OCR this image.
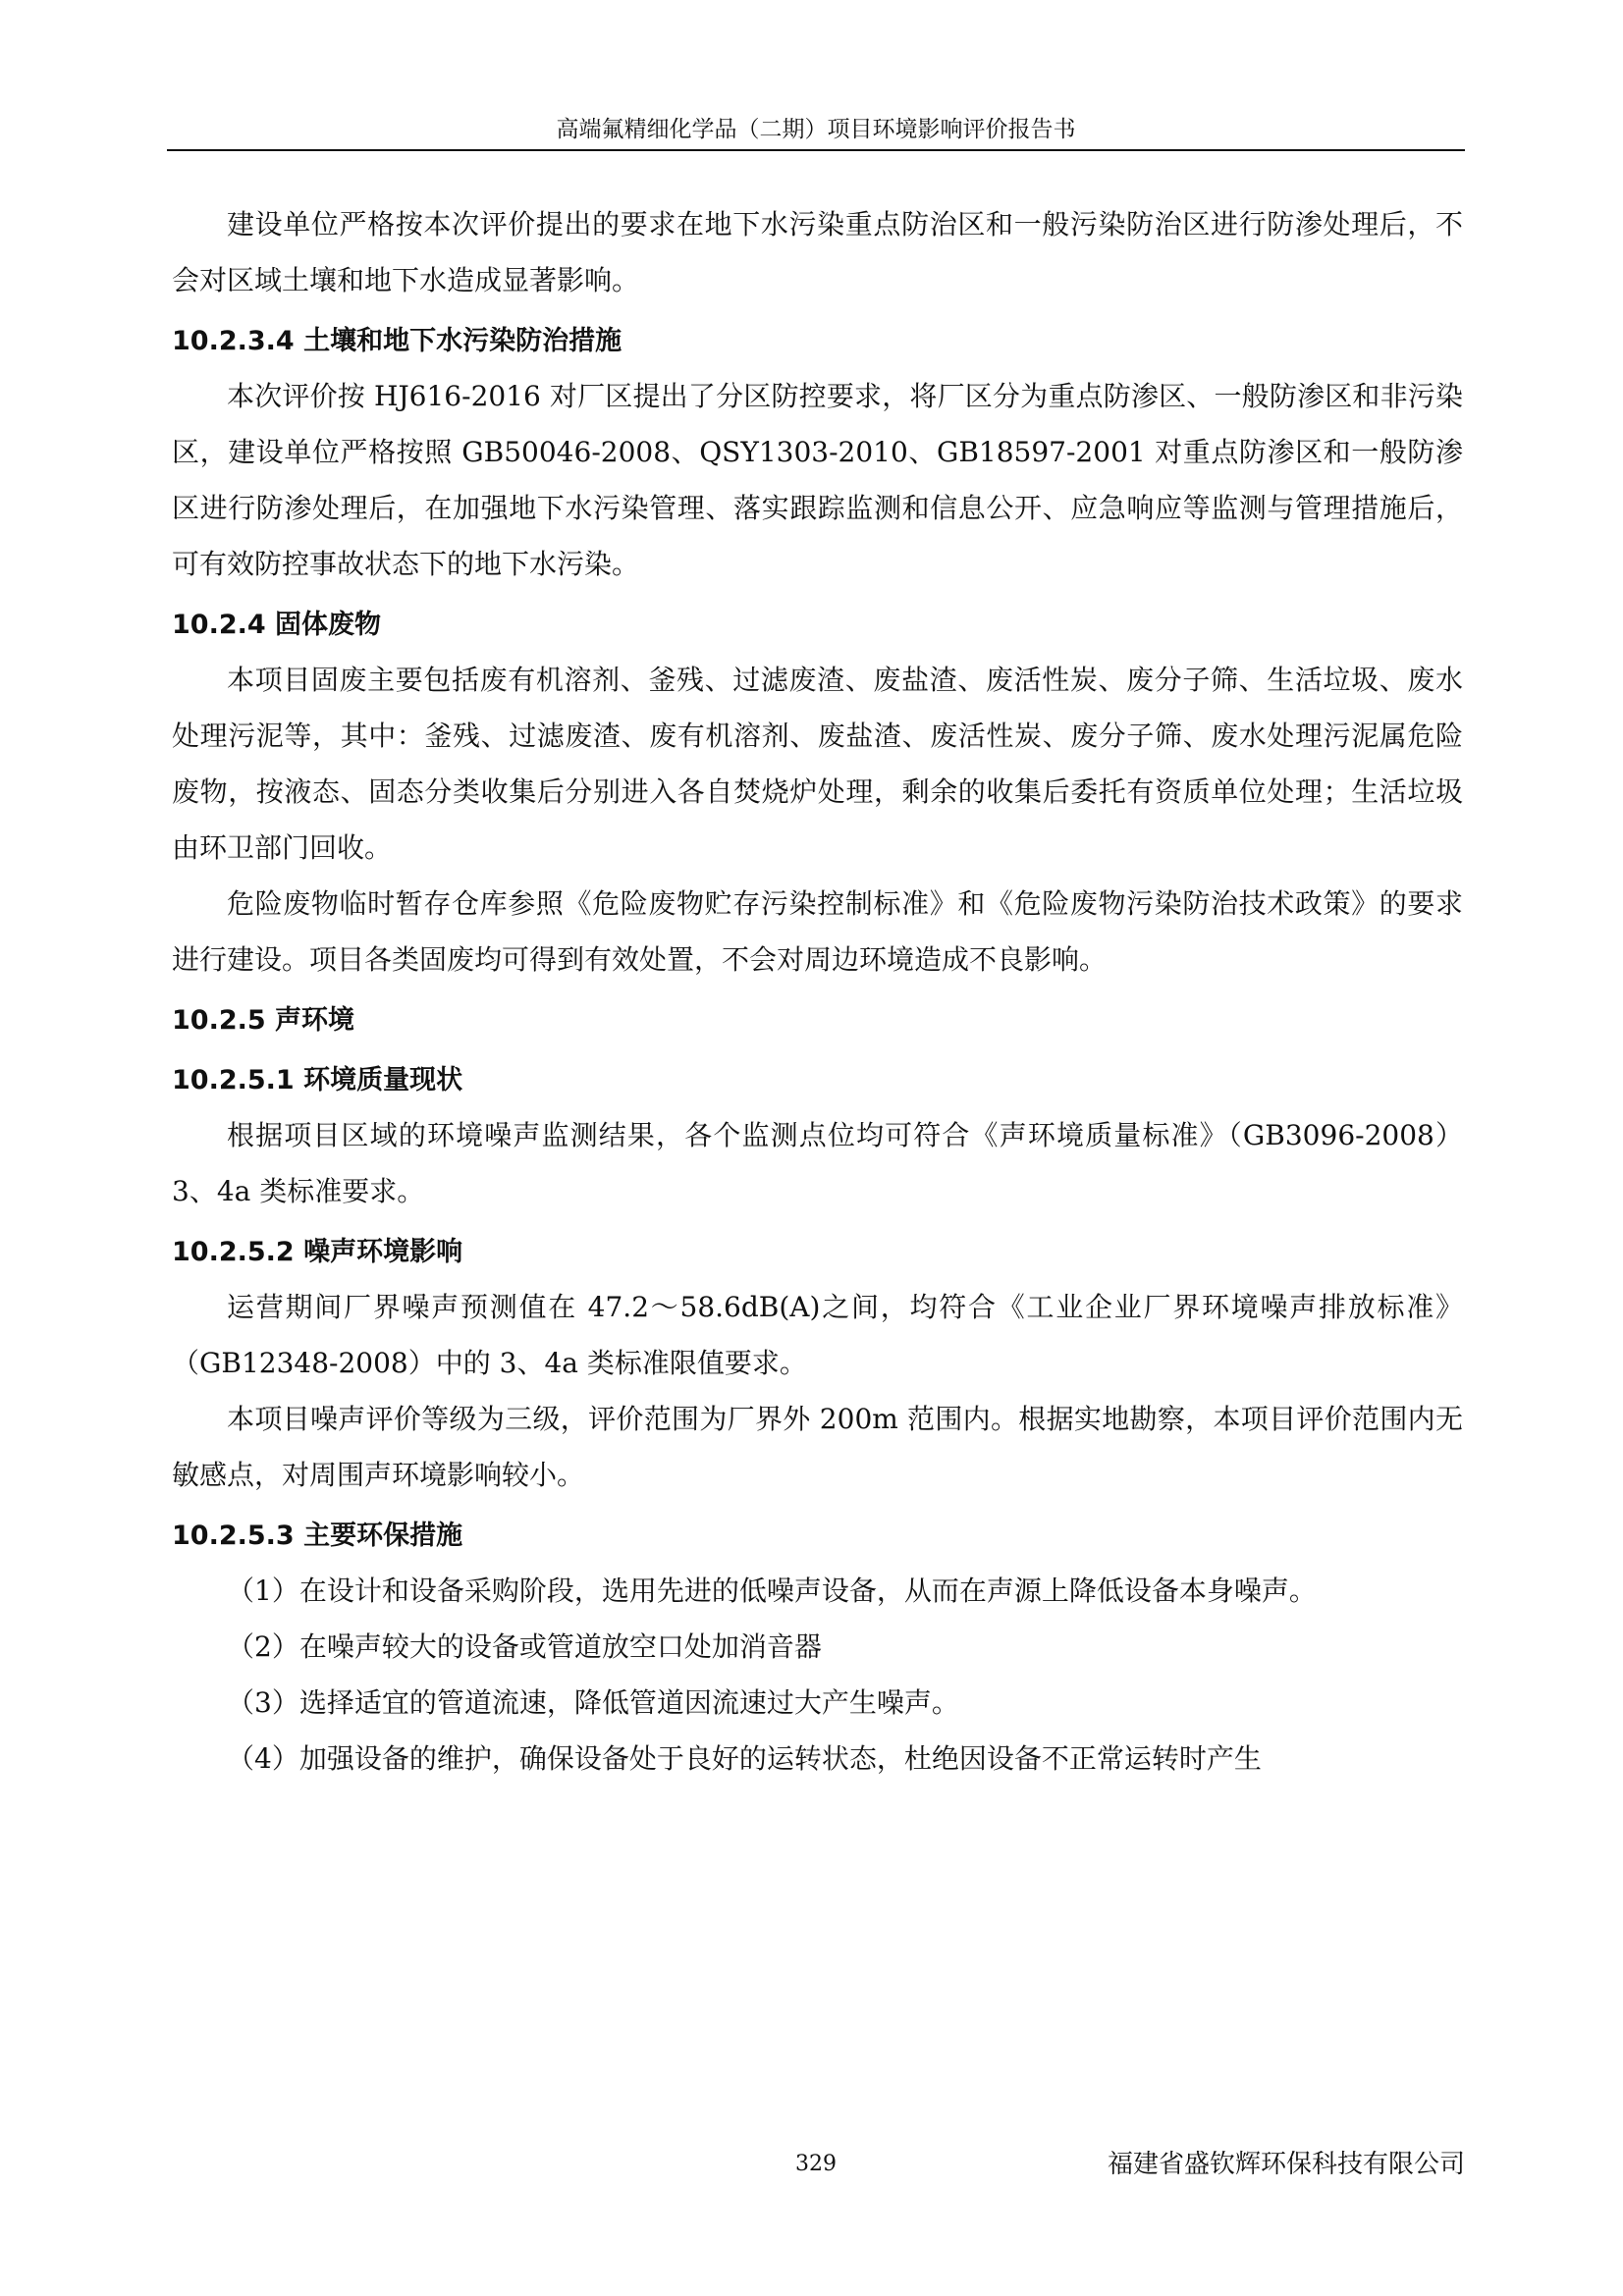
高端氟精细化学品（二期）项目环境影响评价报告书

建设单位严格按本次评价提出的要求在地下水污染重点防治区和一般污染防治区进行防渗处理后，不会对区域土壤和地下水造成显著影响。

10.2.3.4 土壤和地下水污染防治措施

本次评价按 HJ616-2016 对厂区提出了分区防控要求，将厂区分为重点防渗区、一般防渗区和非污染区，建设单位严格按照 GB50046-2008、QSY1303-2010、GB18597-2001 对重点防渗区和一般防渗区进行防渗处理后，在加强地下水污染管理、落实跟踪监测和信息公开、应急响应等监测与管理措施后，可有效防控事故状态下的地下水污染。

10.2.4 固体废物

本项目固废主要包括废有机溶剂、釜残、过滤废渣、废盐渣、废活性炭、废分子筛、生活垃圾、废水处理污泥等，其中：釜残、过滤废渣、废有机溶剂、废盐渣、废活性炭、废分子筛、废水处理污泥属危险废物，按液态、固态分类收集后分别进入各自焚烧炉处理，剩余的收集后委托有资质单位处理；生活垃圾由环卫部门回收。

危险废物临时暂存仓库参照《危险废物贮存污染控制标准》和《危险废物污染防治技术政策》的要求进行建设。项目各类固废均可得到有效处置，不会对周边环境造成不良影响。

10.2.5 声环境

10.2.5.1 环境质量现状

根据项目区域的环境噪声监测结果，各个监测点位均可符合《声环境质量标准》（GB3096-2008）3、4a 类标准要求。

10.2.5.2 噪声环境影响

运营期间厂界噪声预测值在 47.2～58.6dB(A)之间，均符合《工业企业厂界环境噪声排放标准》（GB12348-2008）中的 3、4a 类标准限值要求。

本项目噪声评价等级为三级，评价范围为厂界外 200m 范围内。根据实地勘察，本项目评价范围内无敏感点，对周围声环境影响较小。

10.2.5.3 主要环保措施

（1）在设计和设备采购阶段，选用先进的低噪声设备，从而在声源上降低设备本身噪声。

（2）在噪声较大的设备或管道放空口处加消音器

（3）选择适宜的管道流速，降低管道因流速过大产生噪声。

（4）加强设备的维护，确保设备处于良好的运转状态，杜绝因设备不正常运转时产生

329	福建省盛钦辉环保科技有限公司
